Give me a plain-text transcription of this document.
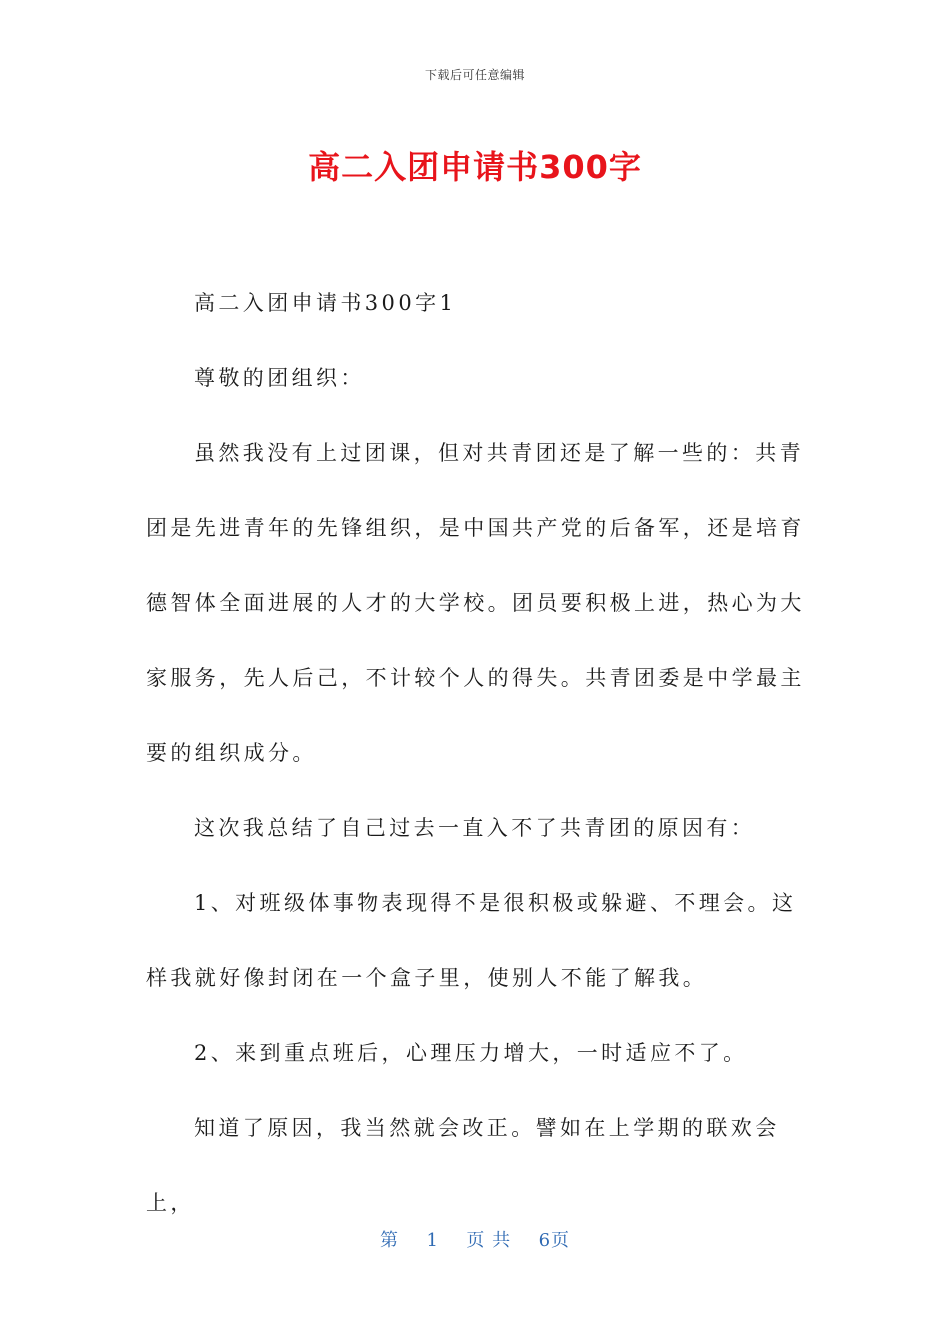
下载后可任意编辑
高二入团申请书300字

高二入团申请书300字1

尊敬的团组织：

虽然我没有上过团课，但对共青团还是了解一些的：共青团是先进青年的先锋组织，是中国共产党的后备军，还是培育德智体全面进展的人才的大学校。团员要积极上进，热心为大家服务，先人后己，不计较个人的得失。共青团委是中学最主要的组织成分。

这次我总结了自己过去一直入不了共青团的原因有：

1、对班级体事物表现得不是很积极或躲避、不理会。这样我就好像封闭在一个盒子里，使别人不能了解我。

2、来到重点班后，心理压力增大，一时适应不了。

知道了原因，我当然就会改正。譬如在上学期的联欢会上，

第 1 页 共 6页
